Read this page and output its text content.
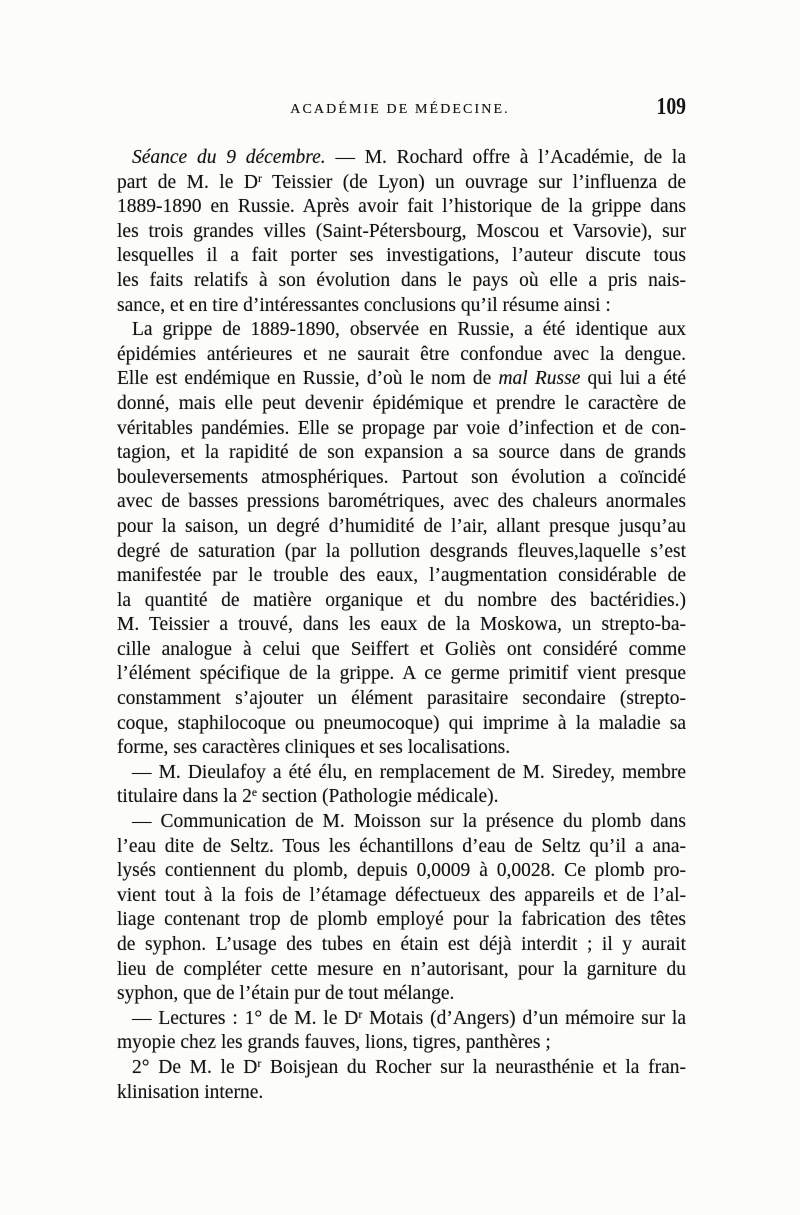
ACADÉMIE DE MÉDECINE.	109
Séance du 9 décembre. — M. Rochard offre à l’Académie, de la
part de M. le $D^r$ Teissier (de Lyon) un ouvrage sur l’influenza de
1889-1890 en Russie. Après avoir fait l’historique de la grippe dans
les trois grandes villes (Saint-Pétersbourg, Moscou et Varsovie), sur
lesquelles il a fait porter ses investigations, l’auteur discute tous
les faits relatifs à son évolution dans le pays où elle a pris nais-
sance, et en tire d’intéressantes conclusions qu’il résume ainsi :
La grippe de 1889-1890, observée en Russie, a été identique aux
épidémies antérieures et ne saurait être confondue avec la dengue.
Elle est endémique en Russie, d’où le nom de mal Russe qui lui a été
donné, mais elle peut devenir épidémique et prendre le caractère de
véritables pandémies. Elle se propage par voie d’infection et de con-
tagion, et la rapidité de son expansion a sa source dans de grands
bouleversements atmosphériques. Partout son évolution a coïncidé
avec de basses pressions barométriques, avec des chaleurs anormales
pour la saison, un degré d’humidité de l’air, allant presque jusqu’au
degré de saturation (par la pollution desgrands fleuves,laquelle s’est
manifestée par le trouble des eaux, l’augmentation considérable de
la quantité de matière organique et du nombre des bactéridies.)
M. Teissier a trouvé, dans les eaux de la Moskowa, un strepto-ba-
cille analogue à celui que Seiffert et Goliès ont considéré comme
l’élément spécifique de la grippe. A ce germe primitif vient presque
constamment s’ajouter un élément parasitaire secondaire (strepto-
coque, staphilocoque ou pneumocoque) qui imprime à la maladie sa
forme, ses caractères cliniques et ses localisations.
— M. Dieulafoy a été élu, en remplacement de M. Siredey, membre
titulaire dans la 2e section (Pathologie médicale).
— Communication de M. Moisson sur la présence du plomb dans
l’eau dite de Seltz. Tous les échantillons d’eau de Seltz qu’il a ana-
lysés contiennent du plomb, depuis 0,0009 à 0,0028. Ce plomb pro-
vient tout à la fois de l’étamage défectueux des appareils et de l’al-
liage contenant trop de plomb employé pour la fabrication des têtes
de syphon. L’usage des tubes en étain est déjà interdit ; il y aurait
lieu de compléter cette mesure en n’autorisant, pour la garniture du
syphon, que de l’étain pur de tout mélange.
— Lectures : 1° de M. le $D^r$ Motais (d’Angers) d’un mémoire sur la
myopie chez les grands fauves, lions, tigres, panthères ;
2° De M. le $D^r$ Boisjean du Rocher sur la neurasthénie et la fran-
klinisation interne.
